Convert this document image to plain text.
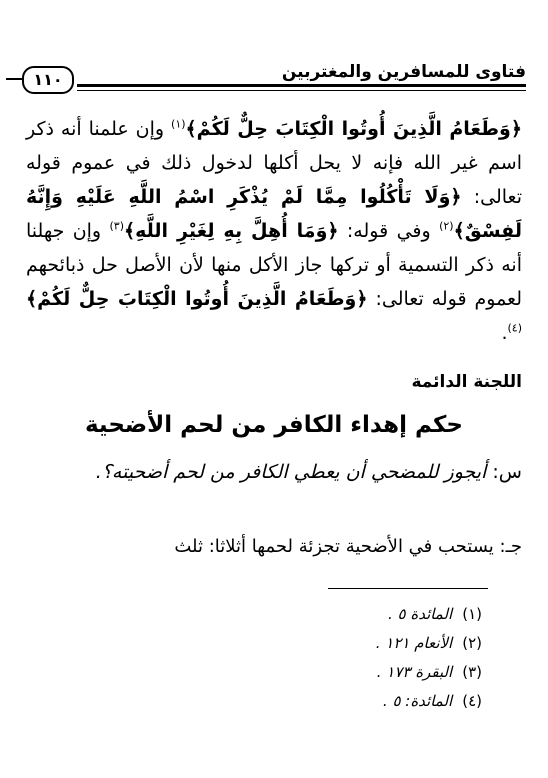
فتاوى للمسافرين والمغتربين
١١٠

﴿وَطَعَامُ الَّذِينَ أُوتُوا الْكِتَابَ حِلٌّ لَكُمْ﴾$^{(١)}$ وإن علمنا أنه ذكر اسم غير الله فإنه لا يحل أكلها لدخول ذلك في عموم قوله تعالى: ﴿وَلَا تَأْكُلُوا مِمَّا لَمْ يُذْكَرِ اسْمُ اللَّهِ عَلَيْهِ وَإِنَّهُ لَفِسْقٌ﴾$^{(٢)}$ وفي قوله: ﴿وَمَا أُهِلَّ بِهِ لِغَيْرِ اللَّهِ﴾$^{(٣)}$ وإن جهلنا أنه ذكر التسمية أو تركها جاز الأكل منها لأن الأصل حل ذبائحهم لعموم قوله تعالى: ﴿وَطَعَامُ الَّذِينَ أُوتُوا الْكِتَابَ حِلٌّ لَكُمْ﴾$^{(٤)}$.

اللجنة الدائمة
حكم إهداء الكافر من لحم الأضحية
س: أيجوز للمضحي أن يعطي الكافر من لحم أضحيته؟.
جـ: يستحب في الأضحية تجزئة لحمها أثلاثا: ثلث
(١)المائدة ٥ .
(٢)الأنعام ١٢١ .
(٣)البقرة ١٧٣ .
(٤)المائدة: ٥ .
